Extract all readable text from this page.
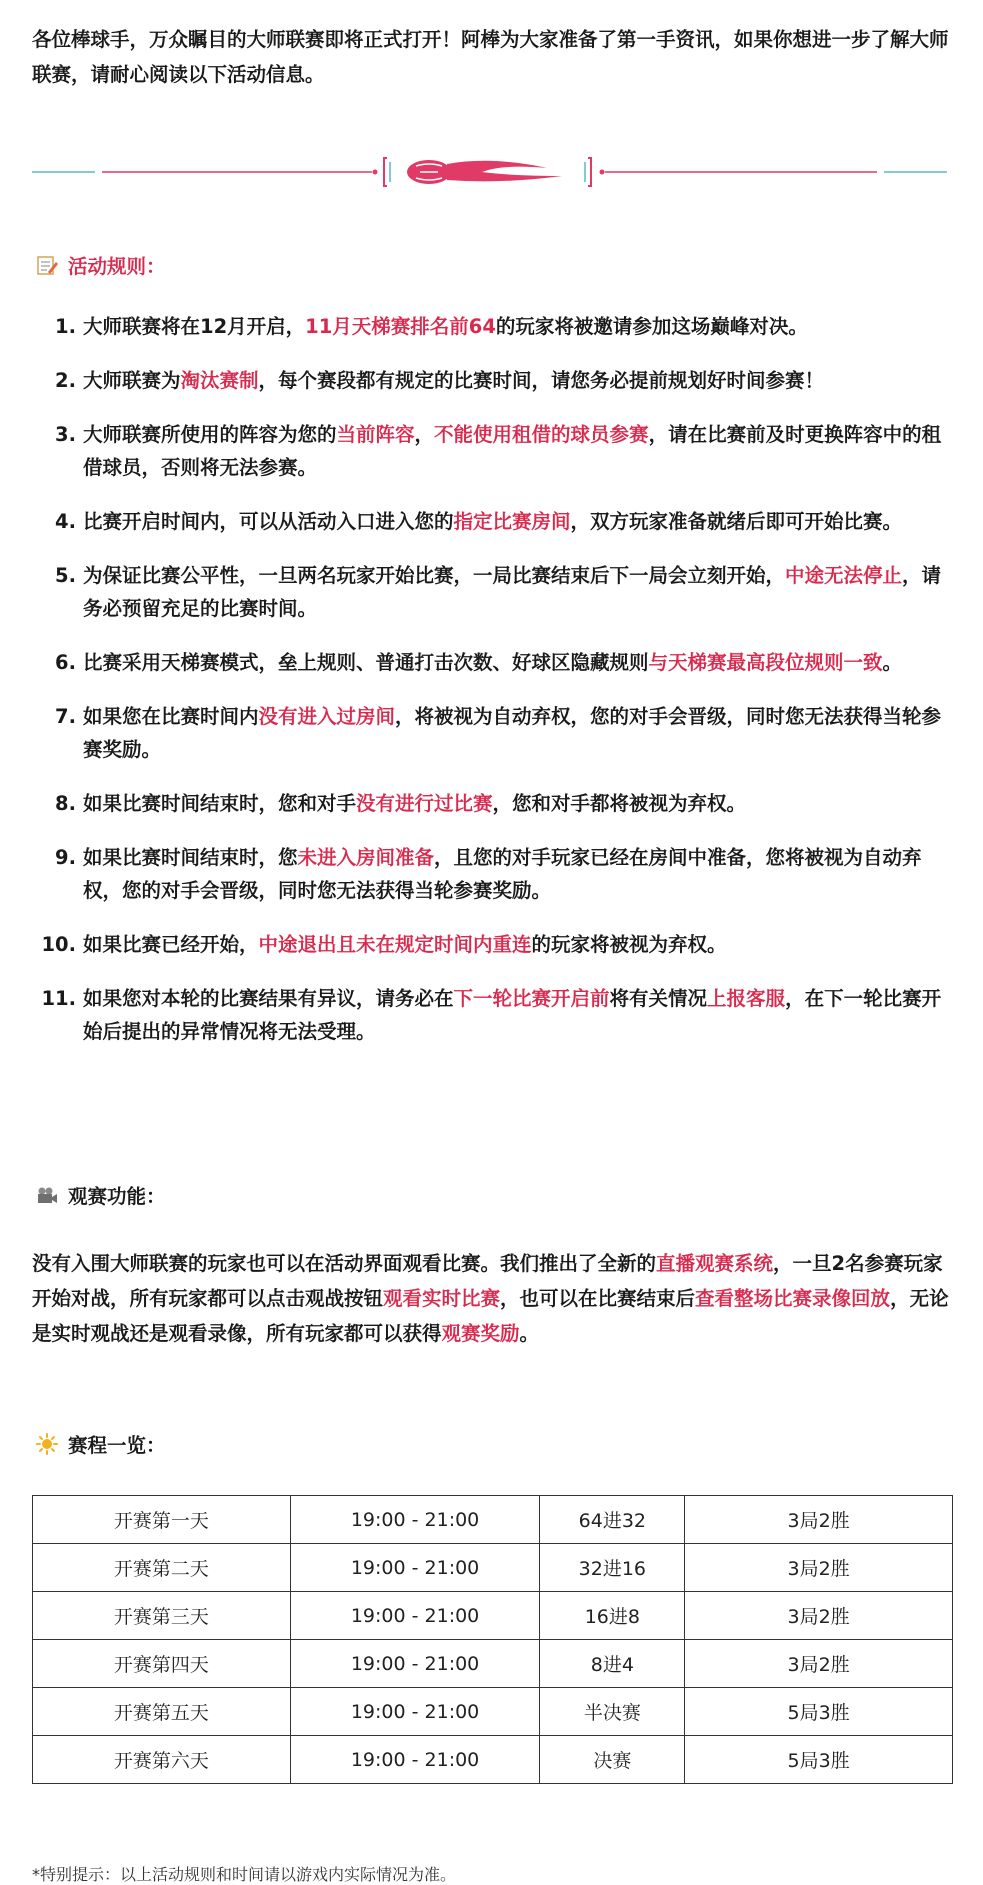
各位棒球手，万众瞩目的大师联赛即将正式打开！阿棒为大家准备了第一手资讯，如果你想进一步了解大师联赛，请耐心阅读以下活动信息。

活动规则：
1. 大师联赛将在12月开启，11月天梯赛排名前64的玩家将被邀请参加这场巅峰对决。
2. 大师联赛为淘汰赛制，每个赛段都有规定的比赛时间，请您务必提前规划好时间参赛！
3. 大师联赛所使用的阵容为您的当前阵容，不能使用租借的球员参赛，请在比赛前及时更换阵容中的租借球员，否则将无法参赛。
4. 比赛开启时间内，可以从活动入口进入您的指定比赛房间，双方玩家准备就绪后即可开始比赛。
5. 为保证比赛公平性，一旦两名玩家开始比赛，一局比赛结束后下一局会立刻开始，中途无法停止，请务必预留充足的比赛时间。
6. 比赛采用天梯赛模式，垒上规则、普通打击次数、好球区隐藏规则与天梯赛最高段位规则一致。
7. 如果您在比赛时间内没有进入过房间，将被视为自动弃权，您的对手会晋级，同时您无法获得当轮参赛奖励。
8. 如果比赛时间结束时，您和对手没有进行过比赛，您和对手都将被视为弃权。
9. 如果比赛时间结束时，您未进入房间准备，且您的对手玩家已经在房间中准备，您将被视为自动弃权，您的对手会晋级，同时您无法获得当轮参赛奖励。
10. 如果比赛已经开始，中途退出且未在规定时间内重连的玩家将被视为弃权。
11. 如果您对本轮的比赛结果有异议，请务必在下一轮比赛开启前将有关情况上报客服，在下一轮比赛开始后提出的异常情况将无法受理。
观赛功能：

没有入围大师联赛的玩家也可以在活动界面观看比赛。我们推出了全新的直播观赛系统，一旦2名参赛玩家开始对战，所有玩家都可以点击观战按钮观看实时比赛，也可以在比赛结束后查看整场比赛录像回放，无论是实时观战还是观看录像，所有玩家都可以获得观赛奖励。

赛程一览：
开赛第一天	19:00 - 21:00	64进32	3局2胜
开赛第二天	19:00 - 21:00	32进16	3局2胜
开赛第三天	19:00 - 21:00	16进8	3局2胜
开赛第四天	19:00 - 21:00	8进4	3局2胜
开赛第五天	19:00 - 21:00	半决赛	5局3胜
开赛第六天	19:00 - 21:00	决赛	5局3胜

*特别提示：以上活动规则和时间请以游戏内实际情况为准。
